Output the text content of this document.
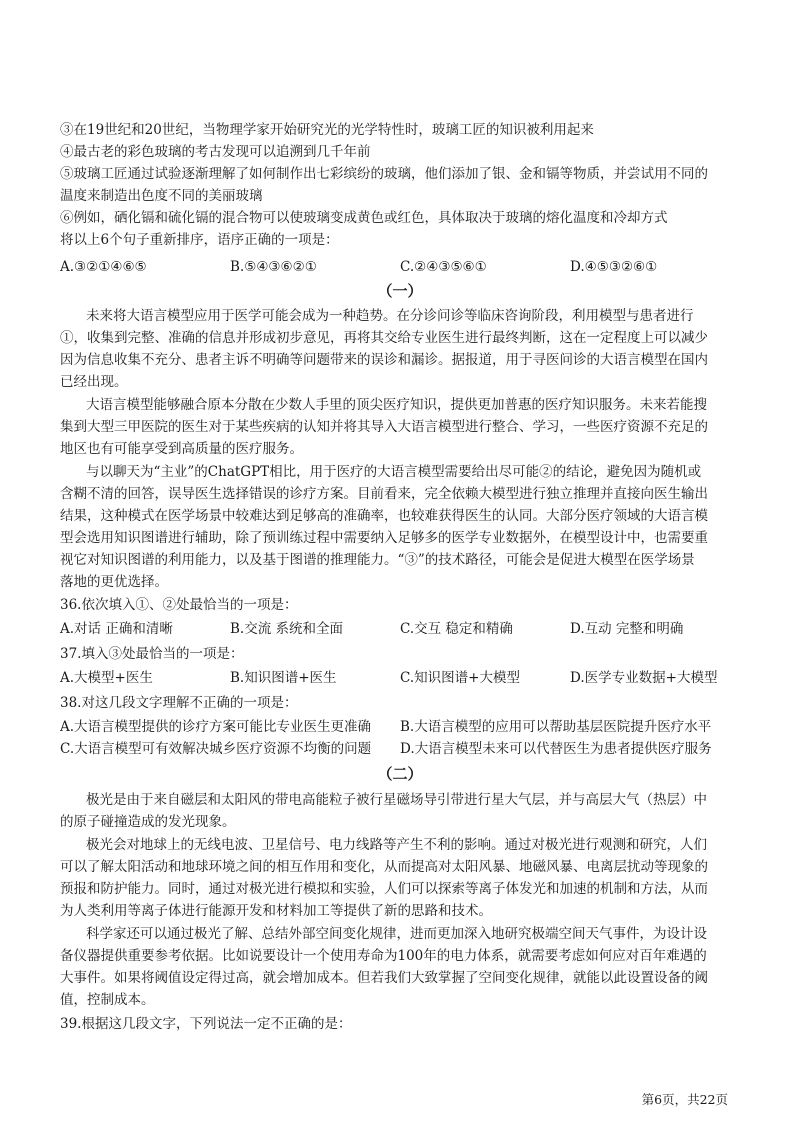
③在19世纪和20世纪，当物理学家开始研究光的光学特性时，玻璃工匠的知识被利用起来
④最古老的彩色玻璃的考古发现可以追溯到几千年前
⑤玻璃工匠通过试验逐渐理解了如何制作出七彩缤纷的玻璃，他们添加了银、金和镉等物质，并尝试用不同的
温度来制造出色度不同的美丽玻璃
⑥例如，硒化镉和硫化镉的混合物可以使玻璃变成黄色或红色，具体取决于玻璃的熔化温度和冷却方式
将以上6个句子重新排序，语序正确的一项是：
A.③②①④⑥⑤	B.⑤④③⑥②①	C.②④③⑤⑥①	D.④⑤③②⑥①
（一）
未来将大语言模型应用于医学可能会成为一种趋势。在分诊问诊等临床咨询阶段，利用模型与患者进行
①，收集到完整、准确的信息并形成初步意见，再将其交给专业医生进行最终判断，这在一定程度上可以减少
因为信息收集不充分、患者主诉不明确等问题带来的误诊和漏诊。据报道，用于寻医问诊的大语言模型在国内
已经出现。
大语言模型能够融合原本分散在少数人手里的顶尖医疗知识，提供更加普惠的医疗知识服务。未来若能搜
集到大型三甲医院的医生对于某些疾病的认知并将其导入大语言模型进行整合、学习，一些医疗资源不充足的
地区也有可能享受到高质量的医疗服务。
与以聊天为“主业”的ChatGPT相比，用于医疗的大语言模型需要给出尽可能②的结论，避免因为随机或
含糊不清的回答，误导医生选择错误的诊疗方案。目前看来，完全依赖大模型进行独立推理并直接向医生输出
结果，这种模式在医学场景中较难达到足够高的准确率，也较难获得医生的认同。大部分医疗领域的大语言模
型会选用知识图谱进行辅助，除了预训练过程中需要纳入足够多的医学专业数据外，在模型设计中，也需要重
视它对知识图谱的利用能力，以及基于图谱的推理能力。“③”的技术路径，可能会是促进大模型在医学场景
落地的更优选择。
36.依次填入①、②处最恰当的一项是：
A.对话 正确和清晰	B.交流 系统和全面	C.交互 稳定和精确	D.互动 完整和明确
37.填入③处最恰当的一项是：
A.大模型+医生	B.知识图谱+医生	C.知识图谱+大模型	D.医学专业数据+大模型
38.对这几段文字理解不正确的一项是：
A.大语言模型提供的诊疗方案可能比专业医生更准确 B.大语言模型的应用可以帮助基层医院提升医疗水平
C.大语言模型可有效解决城乡医疗资源不均衡的问题 D.大语言模型未来可以代替医生为患者提供医疗服务
（二）
极光是由于来自磁层和太阳风的带电高能粒子被行星磁场导引带进行星大气层，并与高层大气（热层）中
的原子碰撞造成的发光现象。
极光会对地球上的无线电波、卫星信号、电力线路等产生不利的影响。通过对极光进行观测和研究，人们
可以了解太阳活动和地球环境之间的相互作用和变化，从而提高对太阳风暴、地磁风暴、电离层扰动等现象的
预报和防护能力。同时，通过对极光进行模拟和实验，人们可以探索等离子体发光和加速的机制和方法，从而
为人类利用等离子体进行能源开发和材料加工等提供了新的思路和技术。
科学家还可以通过极光了解、总结外部空间变化规律，进而更加深入地研究极端空间天气事件，为设计设
备仪器提供重要参考依据。比如说要设计一个使用寿命为100年的电力体系，就需要考虑如何应对百年难遇的
大事件。如果将阈值设定得过高，就会增加成本。但若我们大致掌握了空间变化规律，就能以此设置设备的阈
值，控制成本。
39.根据这几段文字，下列说法一定不正确的是：
第6页，共22页
